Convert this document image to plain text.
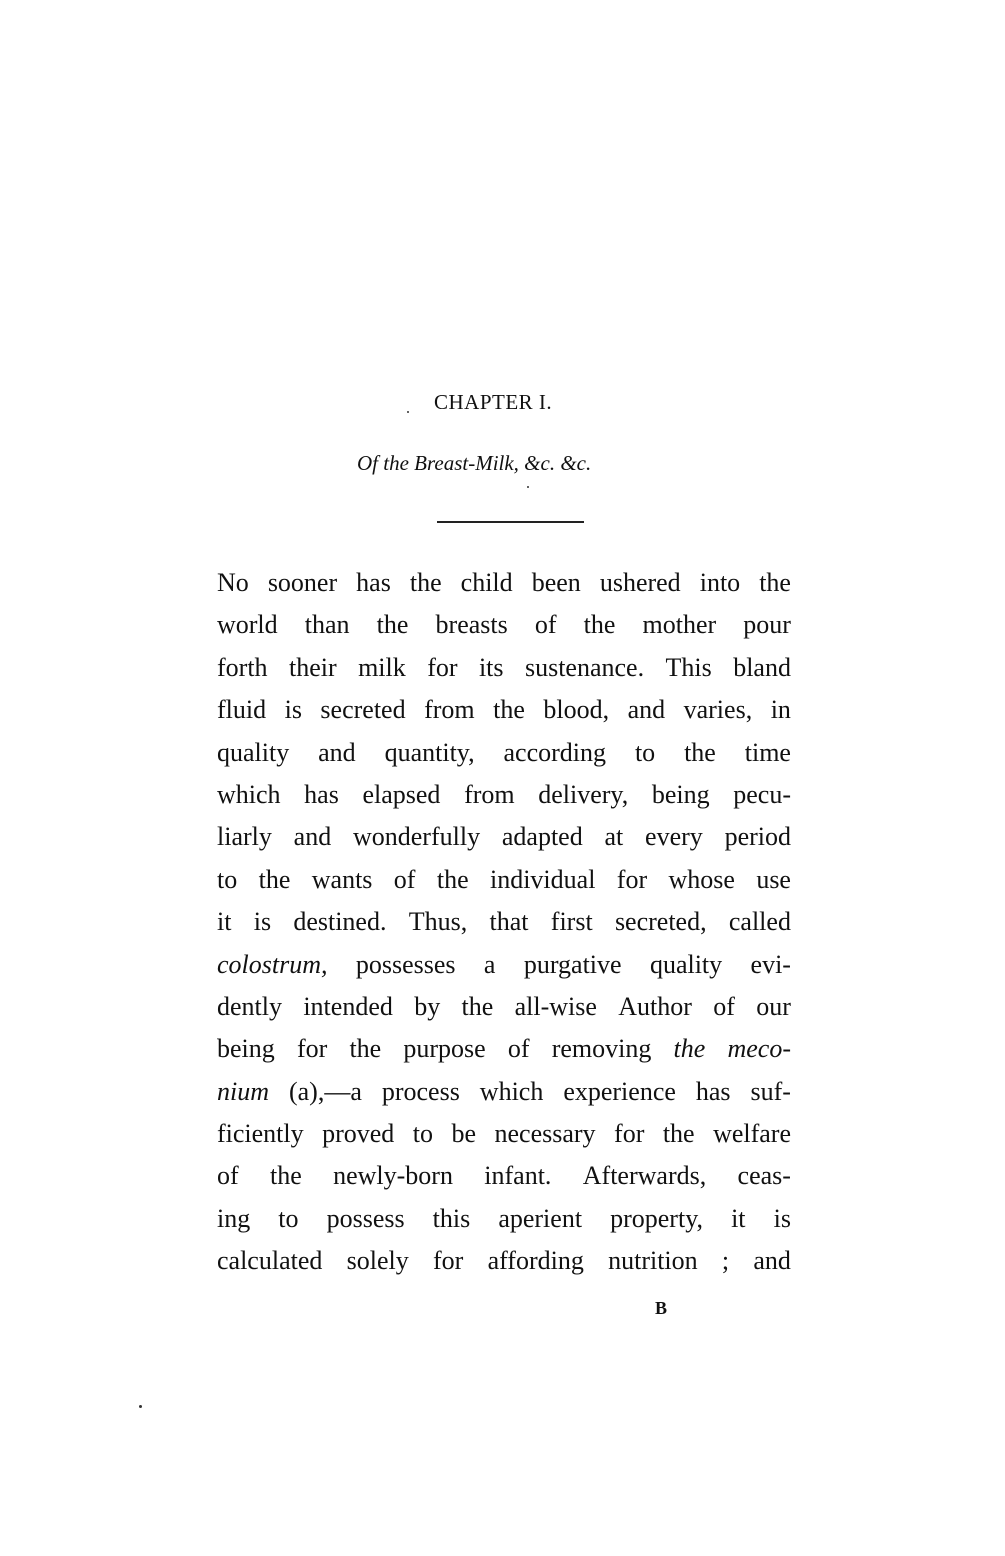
CHAPTER I.
Of the Breast-Milk, &c. &c.
No sooner has the child been ushered into the
world than the breasts of the mother pour
forth their milk for its sustenance. This bland
fluid is secreted from the blood, and varies, in
quality and quantity, according to the time
which has elapsed from delivery, being pecu-
liarly and wonderfully adapted at every period
to the wants of the individual for whose use
it is destined. Thus, that first secreted, called
colostrum, possesses a purgative quality evi-
dently intended by the all-wise Author of our
being for the purpose of removing the meco-
nium (a),—a process which experience has suf-
ficiently proved to be necessary for the welfare
of the newly-born infant. Afterwards, ceas-
ing to possess this aperient property, it is
calculated solely for affording nutrition ; and
B
